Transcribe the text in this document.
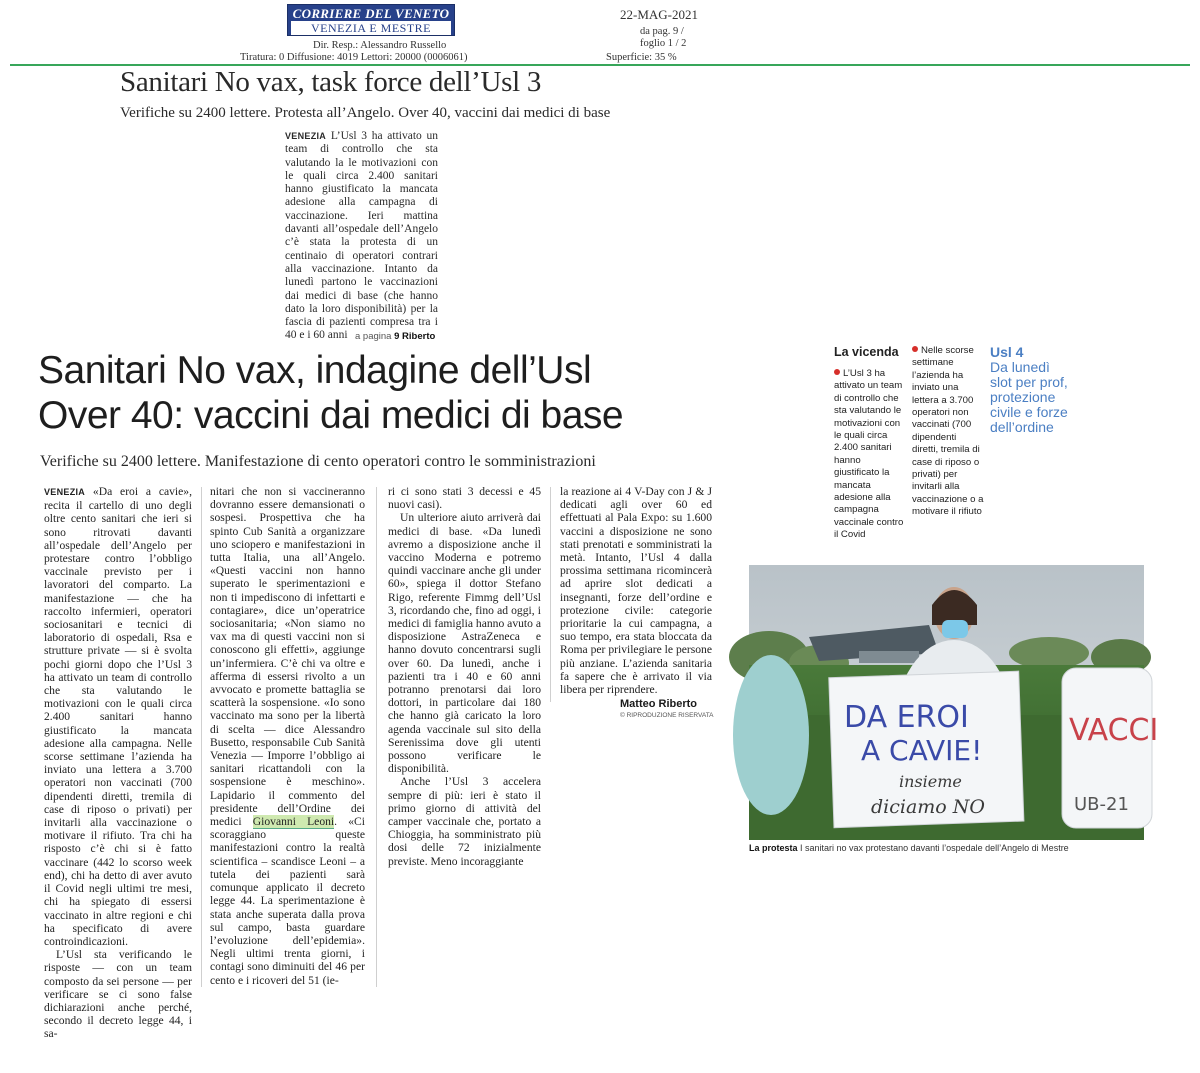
CORRIERE DEL VENETO
VENEZIA E MESTRE
22-MAG-2021
da pag. 9 /
foglio 1 / 2
Dir. Resp.: Alessandro Russello
Tiratura: 0 Diffusione: 4019 Lettori: 20000 (0006061)	Superficie: 35 %
Sanitari No vax, task force dell’Usl 3
Verifiche su 2400 lettere. Protesta all’Angelo. Over 40, vaccini dai medici di base
VENEZIA L’Usl 3 ha attivato un team di controllo che sta valutando la le motivazioni con le quali circa 2.400 sanitari hanno giustificato la mancata adesione alla campagna di vaccinazione. Ieri mattina davanti all’ospedale dell’Angelo c’è stata la protesta di un centinaio di operatori contrari alla vaccinazione. Intanto da lunedì partono le vaccinazioni dai medici di base (che hanno dato la loro disponibilità) per la fascia di pazienti compresa tra i 40 e i 60 anni a pagina 9 Riberto
Sanitari No vax, indagine dell’Usl
Over 40: vaccini dai medici di base
Verifiche su 2400 lettere. Manifestazione di cento operatori contro le somministrazioni

VENEZIA «Da eroi a cavie», recita il cartello di uno degli oltre cento sanitari che ieri si sono ritrovati davanti all’ospedale dell’Angelo per protestare contro l’obbligo vaccinale previsto per i lavoratori del comparto. La manifestazione — che ha raccolto infermieri, operatori sociosanitari e tecnici di laboratorio di ospedali, Rsa e strutture private — si è svolta pochi giorni dopo che l’Usl 3 ha attivato un team di controllo che sta valutando le motivazioni con le quali circa 2.400 sanitari hanno giustificato la mancata adesione alla campagna. Nelle scorse settimane l’azienda ha inviato una lettera a 3.700 operatori non vaccinati (700 dipendenti diretti, tremila di case di riposo o privati) per invitarli alla vaccinazione o motivare il rifiuto. Tra chi ha risposto c’è chi si è fatto vaccinare (442 lo scorso week end), chi ha detto di aver avuto il Covid negli ultimi tre mesi, chi ha spiegato di essersi vaccinato in altre regioni e chi ha specificato di avere controindicazioni.

L’Usl sta verificando le risposte — con un team composto da sei persone — per verificare se ci sono false dichiarazioni anche perché, secondo il decreto legge 44, i sa-

nitari che non si vaccineranno dovranno essere demansionati o sospesi. Prospettiva che ha spinto Cub Sanità a organizzare uno sciopero e manifestazioni in tutta Italia, una all’Angelo. «Questi vaccini non hanno superato le sperimentazioni e non ti impediscono di infettarti e contagiare», dice un’operatrice sociosanitaria; «Non siamo no vax ma di questi vaccini non si conoscono gli effetti», aggiunge un’infermiera. C’è chi va oltre e afferma di essersi rivolto a un avvocato e promette battaglia se scatterà la sospensione. «Io sono vaccinato ma sono per la libertà di scelta — dice Alessandro Busetto, responsabile Cub Sanità Venezia — Imporre l’obbligo ai sanitari ricattandoli con la sospensione è meschino». Lapidario il commento del presidente dell’Ordine dei medici Giovanni Leoni. «Ci scoraggiano queste manifestazioni contro la realtà scientifica – scandisce Leoni – a tutela dei pazienti sarà comunque applicato il decreto legge 44. La sperimentazione è stata anche superata dalla prova sul campo, basta guardare l’evoluzione dell’epidemia». Negli ultimi trenta giorni, i contagi sono diminuiti del 46 per cento e i ricoveri del 51 (ie-

ri ci sono stati 3 decessi e 45 nuovi casi).

Un ulteriore aiuto arriverà dai medici di base. «Da lunedì avremo a disposizione anche il vaccino Moderna e potremo quindi vaccinare anche gli under 60», spiega il dottor Stefano Rigo, referente Fimmg dell’Usl 3, ricordando che, fino ad oggi, i medici di famiglia hanno avuto a disposizione AstraZeneca e hanno dovuto concentrarsi sugli over 60. Da lunedì, anche i pazienti tra i 40 e 60 anni potranno prenotarsi dai loro dottori, in particolare dai 180 che hanno già caricato la loro agenda vaccinale sul sito della Serenissima dove gli utenti possono verificare le disponibilità.

Anche l’Usl 3 accelera sempre di più: ieri è stato il primo giorno di attività del camper vaccinale che, portato a Chioggia, ha somministrato più dosi delle 72 inizialmente previste. Meno incoraggiante

la reazione ai 4 V-Day con J & J dedicati agli over 60 ed effettuati al Pala Expo: su 1.600 vaccini a disposizione ne sono stati prenotati e somministrati la metà. Intanto, l’Usl 4 dalla prossima settimana ricomincerà ad aprire slot dedicati a insegnanti, forze dell’ordine e protezione civile: categorie prioritarie la cui campagna, a suo tempo, era stata bloccata da Roma per privilegiare le persone più anziane. L’azienda sanitaria fa sapere che è arrivato il via libera per riprendere.

Matteo Riberto
© RIPRODUZIONE RISERVATA
La vicenda
L’Usl 3 ha attivato un team di controllo che sta valutando le motivazioni con le quali circa 2.400 sanitari hanno giustificato la mancata adesione alla campagna vaccinale contro il Covid
Nelle scorse settimane l’azienda ha inviato una lettera a 3.700 operatori non vaccinati (700 dipendenti diretti, tremila di case di riposo o privati) per invitarli alla vaccinazione o a motivare il rifiuto
Usl 4
Da lunedì slot per prof, protezione civile e forze dell’ordine
DA EROI
A CAVIE!
insieme
diciamo NO
VACCI
UB-21
La protesta I sanitari no vax protestano davanti l’ospedale dell’Angelo di Mestre
